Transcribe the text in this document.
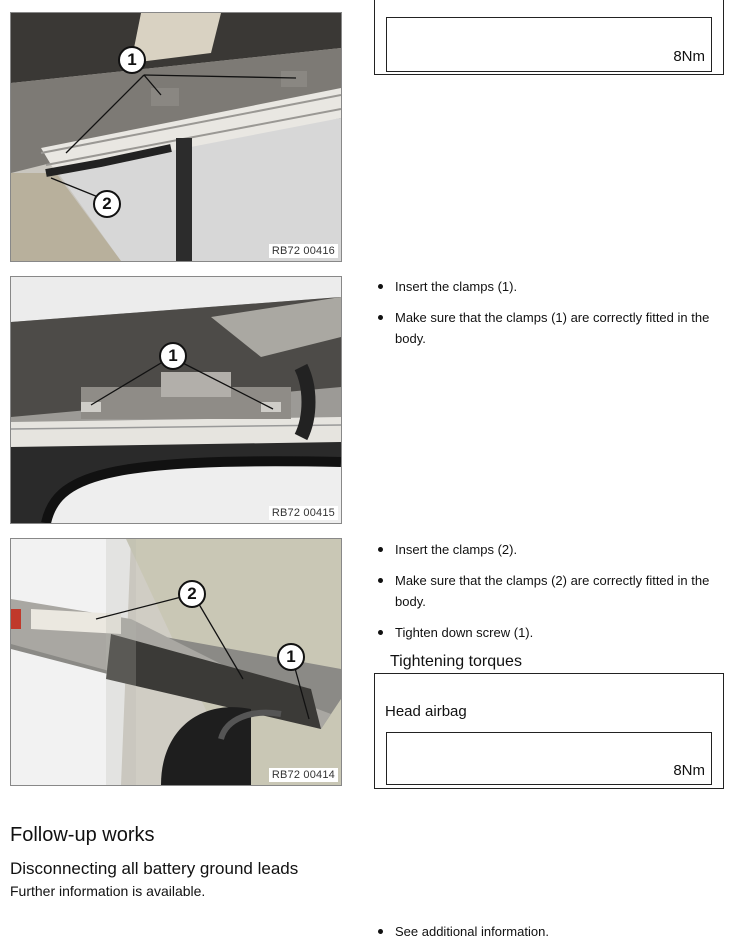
8Nm
1
2
RB72 00416
1
RB72 00415
2
1
RB72 00414
Insert the clamps (1).
Make sure that the clamps (1) are correctly fitted in the body.
Insert the clamps (2).
Make sure that the clamps (2) are correctly fitted in the body.
Tighten down screw (1).
Tightening torques
Head airbag
8Nm
Follow-up works
Disconnecting all battery ground leads
Further information is available.
See additional information.
